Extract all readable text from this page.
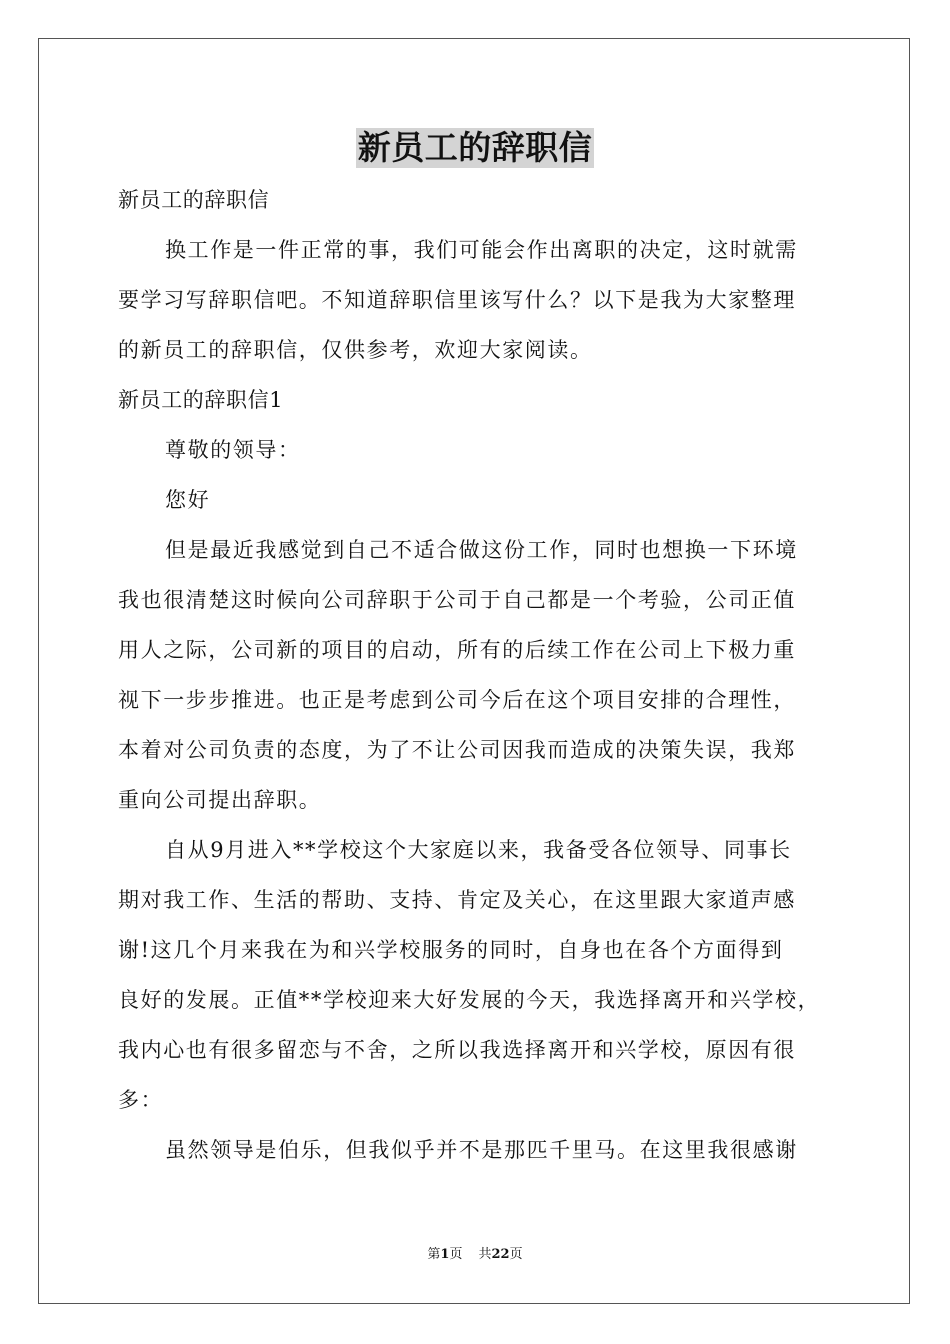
新员工的辞职信

新员工的辞职信

换工作是一件正常的事，我们可能会作出离职的决定，这时就需

要学习写辞职信吧。不知道辞职信里该写什么？以下是我为大家整理

的新员工的辞职信，仅供参考，欢迎大家阅读。

新员工的辞职信1

尊敬的领导：

您好

但是最近我感觉到自己不适合做这份工作，同时也想换一下环境

我也很清楚这时候向公司辞职于公司于自己都是一个考验，公司正值

用人之际，公司新的项目的启动，所有的后续工作在公司上下极力重

视下一步步推进。也正是考虑到公司今后在这个项目安排的合理性，

本着对公司负责的态度，为了不让公司因我而造成的决策失误，我郑

重向公司提出辞职。

自从9月进入**学校这个大家庭以来，我备受各位领导、同事长

期对我工作、生活的帮助、支持、肯定及关心，在这里跟大家道声感

谢!这几个月来我在为和兴学校服务的同时，自身也在各个方面得到

良好的发展。正值**学校迎来大好发展的今天，我选择离开和兴学校，

我内心也有很多留恋与不舍，之所以我选择离开和兴学校，原因有很

多：

虽然领导是伯乐，但我似乎并不是那匹千里马。在这里我很感谢

第1页 共22页
